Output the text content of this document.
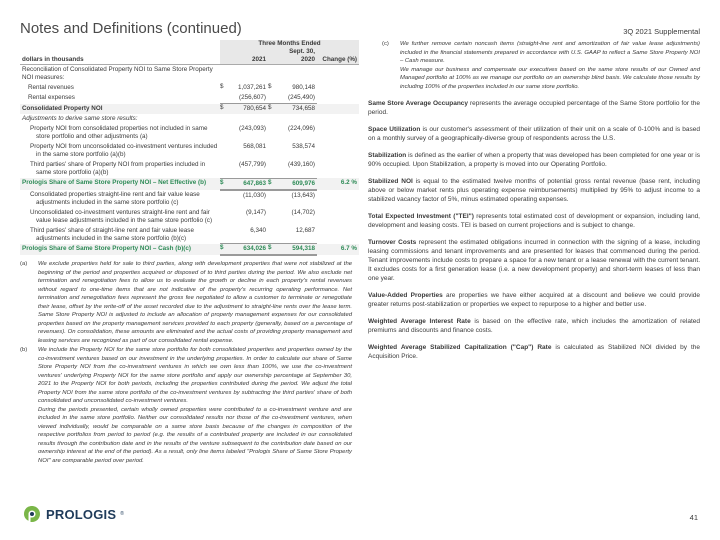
Notes and Definitions (continued)	3Q 2021 Supplemental
	Three Months Ended				
	Sept. 30,				
dollars in thousands	2021		2020		Change (%)
Reconciliation of Consolidated Property NOI to Same Store Property NOI measures:					
Rental revenues	$	1,037,261	$	980,148	
Rental expenses		(256,607)		(245,490)	
Consolidated Property NOI	$	780,654	$	734,658	
Adjustments to derive same store results:					
Property NOI from consolidated properties not included in same store portfolio and other adjustments (a)		(243,093)		(224,096)	
Property NOI from unconsolidated co-investment ventures included in the same store portfolio (a)(b)		568,081		538,574	
Third parties' share of Property NOI from properties included in same store portfolio (a)(b)		(457,799)		(439,160)	
Prologis Share of Same Store Property NOI – Net Effective (b)	$	647,863	$	609,976	6.2 %
Consolidated properties straight-line rent and fair value lease adjustments included in the same store portfolio (c)		(11,030)		(13,643)	
Unconsolidated co-investment ventures straight-line rent and fair value lease adjustments included in the same store portfolio (c)		(9,147)		(14,702)	
Third parties' share of straight-line rent and fair value lease adjustments included in the same store portfolio (b)(c)		6,340		12,687	
Prologis Share of Same Store Property NOI – Cash (b)(c)	$	634,026	$	594,318	6.7 %
(a)	We exclude properties held for sale to third parties, along with development properties that were not stabilized at the beginning of the period and properties acquired or disposed of to third parties during the period. We also exclude net termination and renegotiation fees to allow us to evaluate the growth or decline in each property's rental revenues without regard to one-time items that are not indicative of the property's recurring operating performance. Net termination and renegotiation fees represent the gross fee negotiated to allow a customer to terminate or renegotiate their lease, offset by the write-off of the asset recorded due to the adjustment to straight-line rents over the lease term. Same Store Property NOI is adjusted to include an allocation of property management expenses for our consolidated properties based on the property management services provided to each property (generally, based on a percentage of revenues). On consolidation, these amounts are eliminated and the actual costs of providing property management and leasing services are recognized as part of our consolidated rental expense.

(b)	We include the Property NOI for the same store portfolio for both consolidated properties and properties owned by the co-investment ventures based on our investment in the underlying properties. In order to calculate our share of Same Store Property NOI from the co-investment ventures in which we own less than 100%, we use the co-investment ventures' underlying Property NOI for the same store portfolio and apply our ownership percentage at September 30, 2021 to the Property NOI for both periods, including the properties contributed during the period. We adjust the total Property NOI from the same store portfolio of the co-investment ventures by subtracting the third parties' share of both consolidated and unconsolidated co-investment ventures.

During the periods presented, certain wholly owned properties were contributed to a co-investment venture and are included in the same store portfolio. Neither our consolidated results nor those of the co-investment ventures, when viewed individually, would be comparable on a same store basis because of the changes in composition of the respective portfolios from period to period (e.g. the results of a contributed property are included in our consolidated results through the contribution date and in the results of the venture subsequent to the contribution date based on our ownership interest at the end of the period). As a result, only line items labeled "Prologis Share of Same Store Property NOI" are comparable period over period.

(c)	We further remove certain noncash items (straight-line rent and amortization of fair value lease adjustments) included in the financial statements prepared in accordance with U.S. GAAP to reflect a Same Store Property NOI – Cash measure.

We manage our business and compensate our executives based on the same store results of our Owned and Managed portfolio at 100% as we manage our portfolio on an ownership blind basis. We calculate those results by including 100% of the properties included in our same store portfolio.

Same Store Average Occupancy represents the average occupied percentage of the Same Store portfolio for the period.

Space Utilization is our customer's assessment of their utilization of their unit on a scale of 0-100% and is based on a monthly survey of a geographically-diverse group of respondents across the U.S.

Stabilization is defined as the earlier of when a property that was developed has been completed for one year or is 90% occupied. Upon Stabilization, a property is moved into our Operating Portfolio.

Stabilized NOI is equal to the estimated twelve months of potential gross rental revenue (base rent, including above or below market rents plus operating expense reimbursements) multiplied by 95% to adjust income to a stabilized vacancy factor of 5%, minus estimated operating expenses.

Total Expected Investment ("TEI") represents total estimated cost of development or expansion, including land, development and leasing costs. TEI is based on current projections and is subject to change.

Turnover Costs represent the estimated obligations incurred in connection with the signing of a lease, including leasing commissions and tenant improvements and are presented for leases that commenced during the period. Tenant improvements include costs to prepare a space for a new tenant or a lease renewal with the current tenant. It excludes costs for a first generation lease (i.e. a new development property) and short-term leases of less than one year.

Value-Added Properties are properties we have either acquired at a discount and believe we could provide greater returns post-stabilization or properties we expect to repurpose to a higher and better use.

Weighted Average Interest Rate is based on the effective rate, which includes the amortization of related premiums and discounts and finance costs.

Weighted Average Stabilized Capitalization ("Cap") Rate is calculated as Stabilized NOI divided by the Acquisition Price.

PROLOGIS ®	41
